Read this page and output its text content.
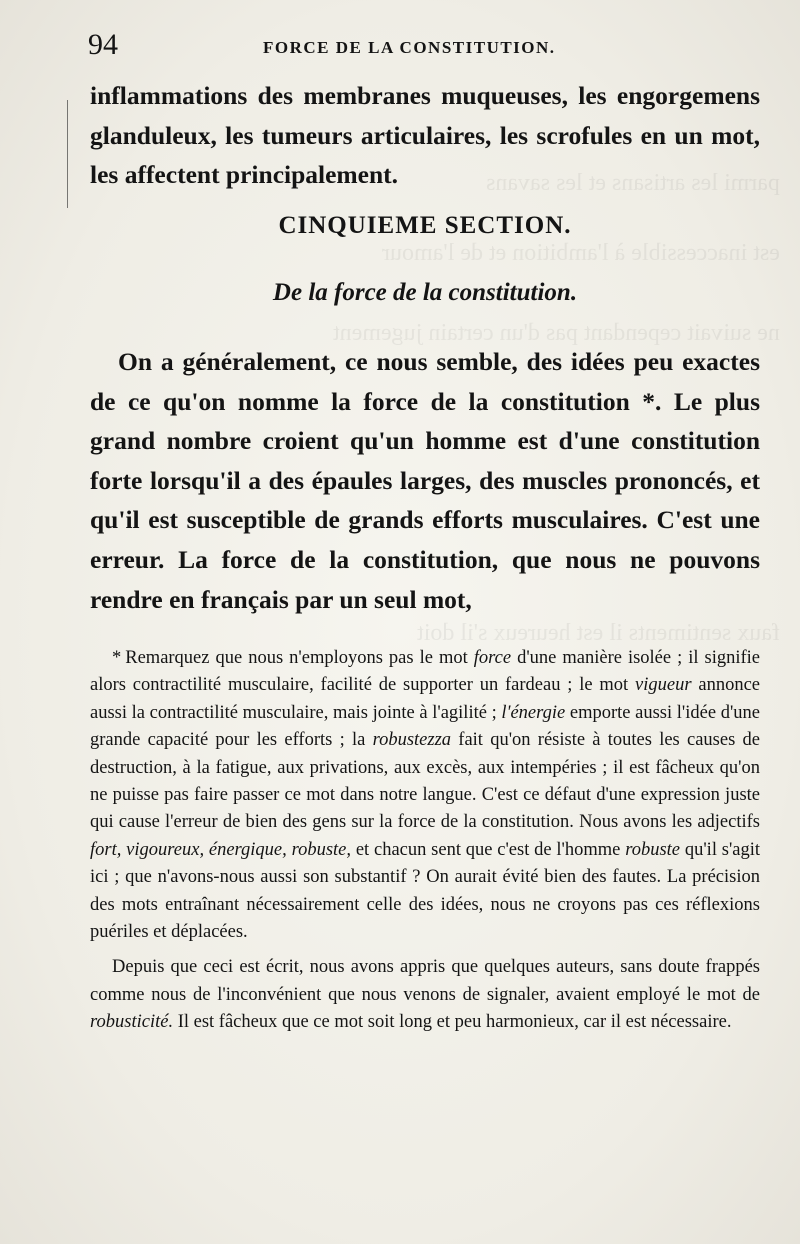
parmi les artisans et les savans
est inaccessible à l'ambition et de l'amour
ne suivait cependant pas d'un certain jugement
faux sentiments il est heureux s'il doit
94	FORCE DE LA CONSTITUTION.

inflammations des membranes muqueuses, les engorgemens glanduleux, les tumeurs articulaires, les scrofules en un mot, les affectent principalement.

CINQUIEME SECTION.
De la force de la constitution.

On a généralement, ce nous semble, des idées peu exactes de ce qu'on nomme la force de la constitution *. Le plus grand nombre croient qu'un homme est d'une constitution forte lorsqu'il a des épaules larges, des muscles prononcés, et qu'il est susceptible de grands efforts musculaires. C'est une erreur. La force de la constitution, que nous ne pouvons rendre en français par un seul mot,

* Remarquez que nous n'employons pas le mot force d'une manière isolée ; il signifie alors contractilité musculaire, facilité de supporter un fardeau ; le mot vigueur annonce aussi la contractilité musculaire, mais jointe à l'agilité ; l'énergie emporte aussi l'idée d'une grande capacité pour les efforts ; la robustezza fait qu'on résiste à toutes les causes de destruction, à la fatigue, aux privations, aux excès, aux intempéries ; il est fâcheux qu'on ne puisse pas faire passer ce mot dans notre langue. C'est ce défaut d'une expression juste qui cause l'erreur de bien des gens sur la force de la constitution. Nous avons les adjectifs fort, vigoureux, énergique, robuste, et chacun sent que c'est de l'homme robuste qu'il s'agit ici ; que n'avons-nous aussi son substantif ? On aurait évité bien des fautes. La précision des mots entraînant nécessairement celle des idées, nous ne croyons pas ces réflexions puériles et déplacées.

Depuis que ceci est écrit, nous avons appris que quelques auteurs, sans doute frappés comme nous de l'inconvénient que nous venons de signaler, avaient employé le mot de robusticité. Il est fâcheux que ce mot soit long et peu harmonieux, car il est nécessaire.
